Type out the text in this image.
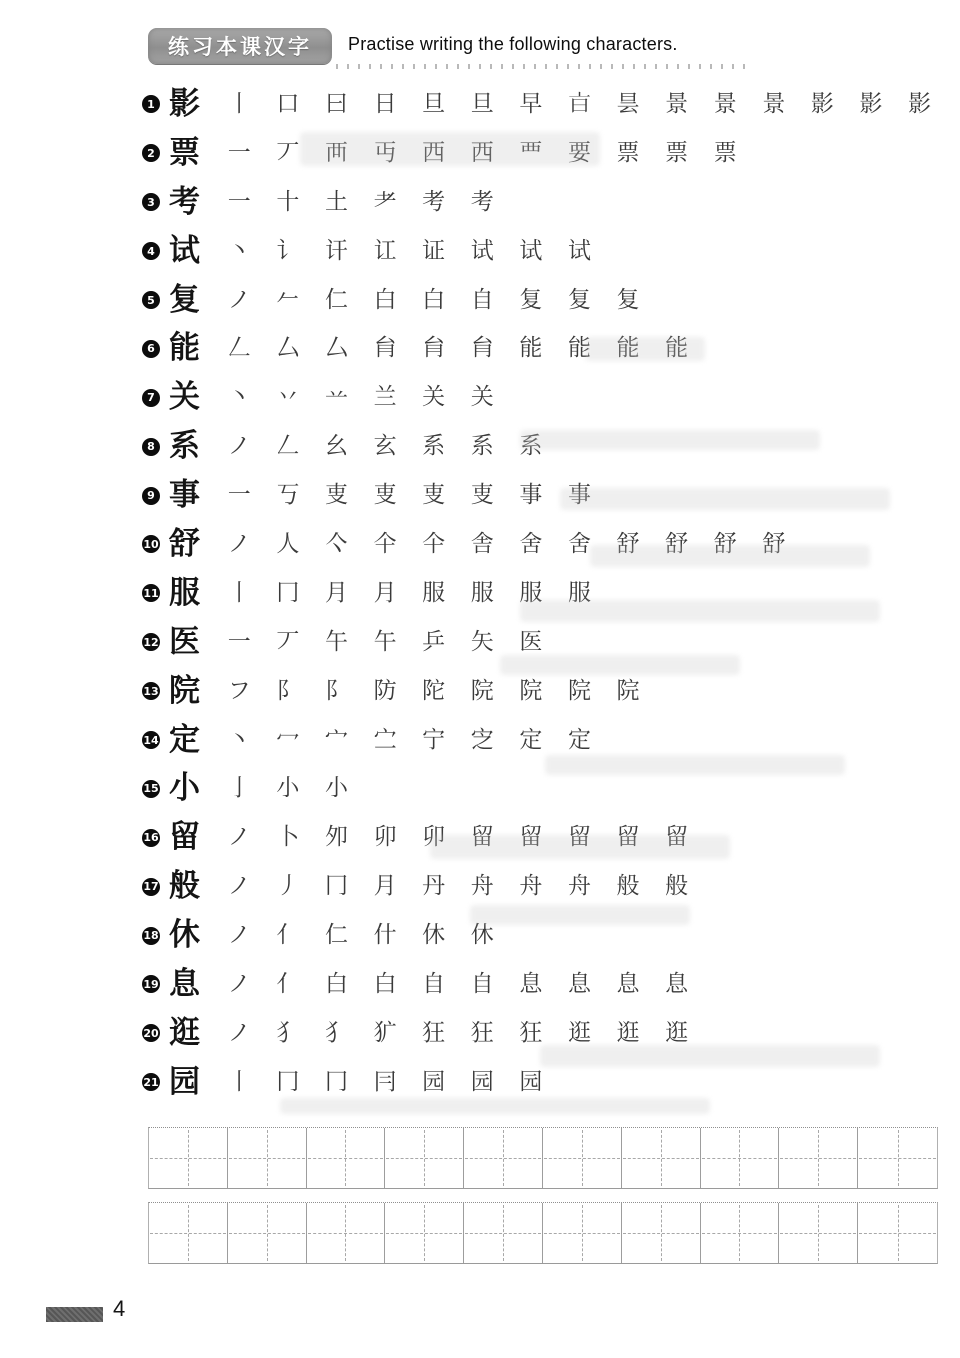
练习本课汉字	Practise writing the following characters.
1 影	丨	口	曰	日	旦	旦	早	𣅀	昙	景	景	景	影	影	影
2 票	一	丆	襾	丏	西	西	覀	要	票	票	票
3 考	一	十	土	耂	考	考
4 试	丶	讠	讦	讧	证	试	试	试
5 复	ノ	𠂉	仁	白	白	自	复	复	复
6 能	𠃋	厶	厶	䏍	䏍	䏍	能	能	能	能
7 关	丶	丷	䒑	兰	关	关
8 系	ノ	𠃋	幺	玄	系	系	系
9 事	一	丂	叓	叓	叓	叓	事	事
10 舒	ノ	人	亽	仐	仐	舎	舍	舍	舒	舒	舒	舒
11 服	丨	冂	月	月	服	服	服	服
12 医	一	丆	午	午	乒	矢	医
13 院	フ	阝	阝	防	陀	院	院	院	院
14 定	丶	冖	宀	㝉	宁	㝎	定	定
15 小	亅	小	小
16 留	ノ	卜	夘	卯	卯	留	留	留	留	留
17 般	ノ	丿	冂	月	丹	舟	舟	舟	般	般
18 休	ノ	亻	仁	什	休	休
19 息	ノ	亻	白	白	自	自	息	息	息	息
20 逛	ノ	犭	犭	犷	狂	狂	狂	逛	逛	逛
21 园	丨	冂	冂	冃	园	园	园
4
